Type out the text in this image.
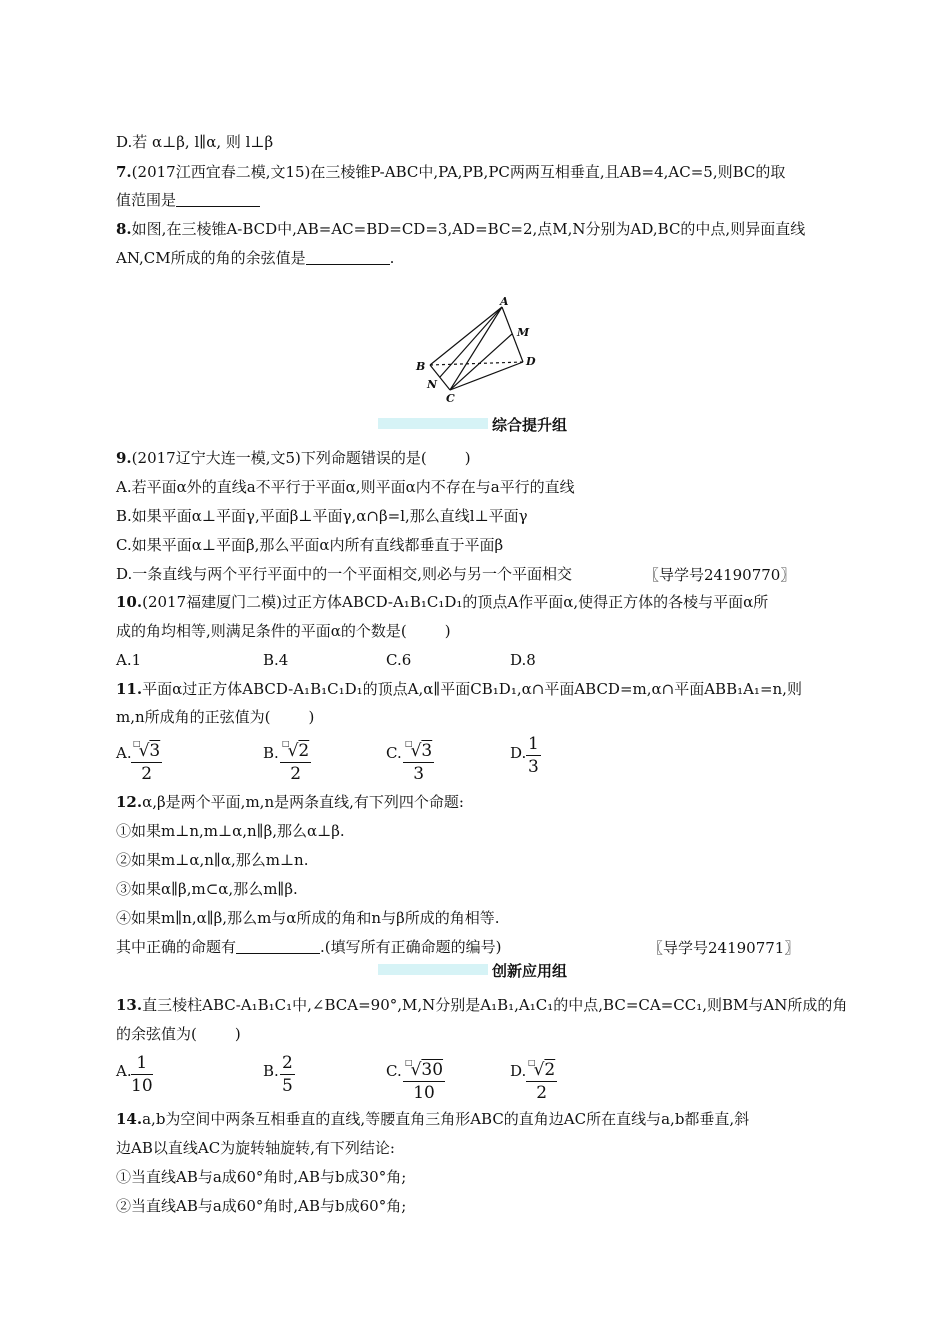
D.若 α⊥β, l∥α, 则 l⊥β
7.(2017江西宜春二模,文15)在三棱锥P-ABC中,PA,PB,PC两两互相垂直,且AB=4,AC=5,则BC的取
值范围是
8.如图,在三棱锥A-BCD中,AB=AC=BD=CD=3,AD=BC=2,点M,N分别为AD,BC的中点,则异面直线
AN,CM所成的角的余弦值是	.
A
B
C
D
M
N
综合提升组
9.(2017辽宁大连一模,文5)下列命题错误的是(	)
A.若平面α外的直线a不平行于平面α,则平面α内不存在与a平行的直线
B.如果平面α⊥平面γ,平面β⊥平面γ,α∩β=l,那么直线l⊥平面γ
C.如果平面α⊥平面β,那么平面α内所有直线都垂直于平面β
D.一条直线与两个平行平面中的一个平面相交,则必与另一个平面相交	〖导学号24190770〗
10.(2017福建厦门二模)过正方体ABCD-A₁B₁C₁D₁的顶点A作平面α,使得正方体的各棱与平面α所
成的角均相等,则满足条件的平面α的个数是(	)
A.1	B.4	C.6	D.8
11.平面α过正方体ABCD-A₁B₁C₁D₁的顶点A,α∥平面CB₁D₁,α∩平面ABCD=m,α∩平面ABB₁A₁=n,则
m,n所成角的正弦值为(	)
A. $\frac{^□√3}{2}$	B. $\frac{^□√2}{2}$	C. $\frac{^□√3}{3}$	D. $\frac{1}{3}$
12.α,β是两个平面,m,n是两条直线,有下列四个命题:
①如果m⊥n,m⊥α,n∥β,那么α⊥β.
②如果m⊥α,n∥α,那么m⊥n.
③如果α∥β,m⊂α,那么m∥β.
④如果m∥n,α∥β,那么m与α所成的角和n与β所成的角相等.
其中正确的命题有	.(填写所有正确命题的编号)	〖导学号24190771〗
创新应用组
13.直三棱柱ABC-A₁B₁C₁中,∠BCA=90°,M,N分别是A₁B₁,A₁C₁的中点,BC=CA=CC₁,则BM与AN所成的角
的余弦值为(	)
A. $\frac{1}{10}$	B. $\frac{2}{5}$	C. $\frac{^□√30}{10}$	D. $\frac{^□√2}{2}$
14.a,b为空间中两条互相垂直的直线,等腰直角三角形ABC的直角边AC所在直线与a,b都垂直,斜
边AB以直线AC为旋转轴旋转,有下列结论:
①当直线AB与a成60°角时,AB与b成30°角;
②当直线AB与a成60°角时,AB与b成60°角;
